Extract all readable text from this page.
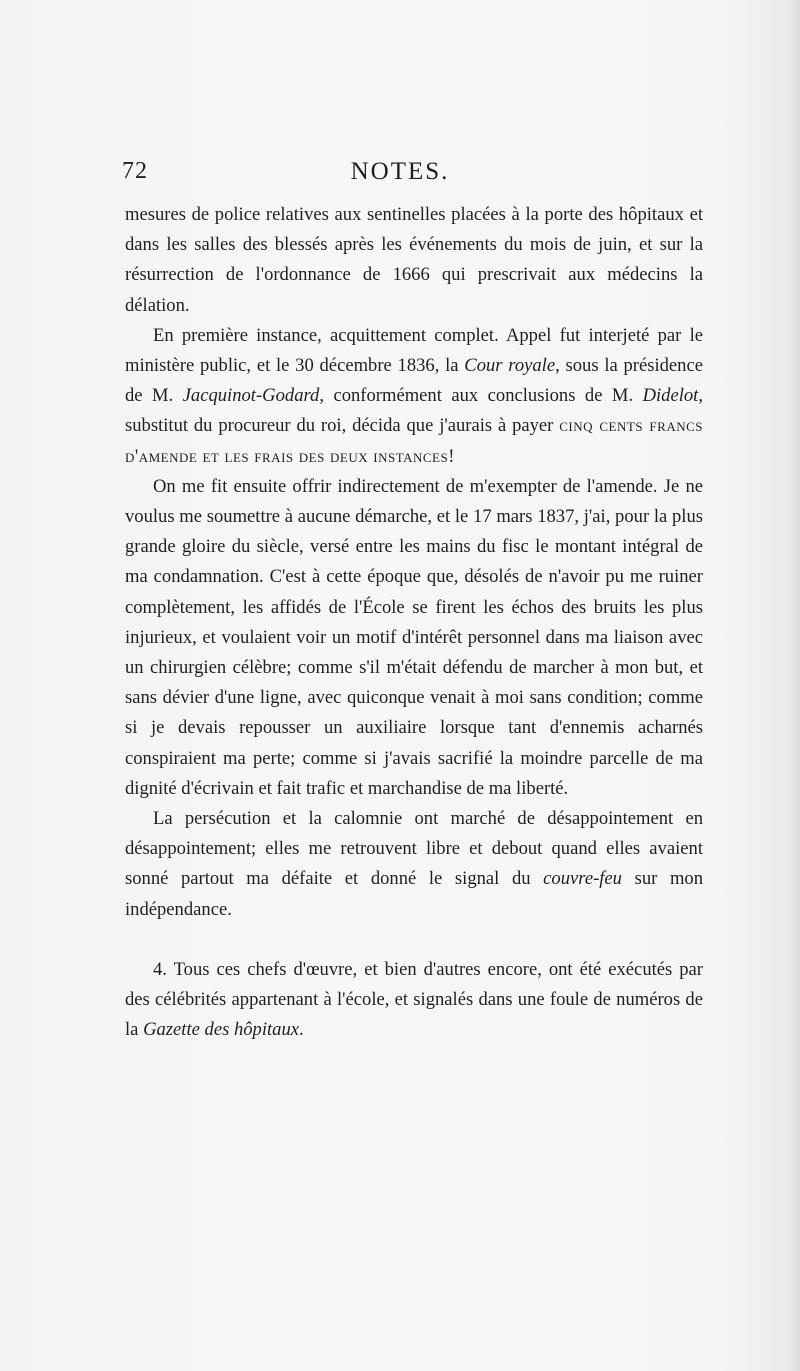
72	NOTES.

mesures de police relatives aux sentinelles placées à la porte des hôpitaux et dans les salles des blessés après les événements du mois de juin, et sur la résurrection de l'ordonnance de 1666 qui prescrivait aux médecins la délation.

En première instance, acquittement complet. Appel fut interjeté par le ministère public, et le 30 décembre 1836, la Cour royale, sous la présidence de M. Jacquinot-Godard, conformément aux conclusions de M. Didelot, substitut du procureur du roi, décida que j'aurais à payer cinq cents francs d'amende et les frais des deux instances!

On me fit ensuite offrir indirectement de m'exempter de l'amende. Je ne voulus me soumettre à aucune démarche, et le 17 mars 1837, j'ai, pour la plus grande gloire du siècle, versé entre les mains du fisc le montant intégral de ma condamnation. C'est à cette époque que, désolés de n'avoir pu me ruiner complètement, les affidés de l'École se firent les échos des bruits les plus injurieux, et voulaient voir un motif d'intérêt personnel dans ma liaison avec un chirurgien célèbre; comme s'il m'était défendu de marcher à mon but, et sans dévier d'une ligne, avec quiconque venait à moi sans condition; comme si je devais repousser un auxiliaire lorsque tant d'ennemis acharnés conspiraient ma perte; comme si j'avais sacrifié la moindre parcelle de ma dignité d'écrivain et fait trafic et marchandise de ma liberté.

La persécution et la calomnie ont marché de désappointement en désappointement; elles me retrouvent libre et debout quand elles avaient sonné partout ma défaite et donné le signal du couvre-feu sur mon indépendance.

4. Tous ces chefs d'œuvre, et bien d'autres encore, ont été exécutés par des célébrités appartenant à l'école, et signalés dans une foule de numéros de la Gazette des hôpitaux.
